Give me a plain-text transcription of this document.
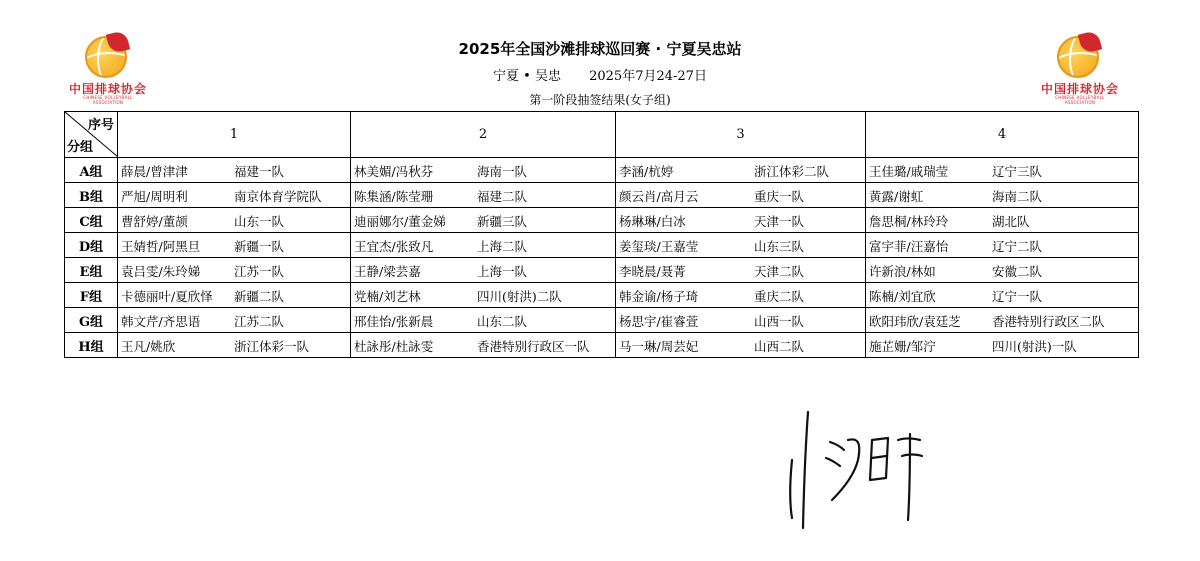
中国排球协会
CHINESE VOLLEYBALL ASSOCIATION
中国排球协会
CHINESE VOLLEYBALL ASSOCIATION
2025年全国沙滩排球巡回赛 · 宁夏吴忠站
宁夏 • 吴忠 2025年7月24-27日
第一阶段抽签结果(女子组)
序号
分组	1	2	3	4
A组	薛晨/曾津津 福建一队	林美媚/冯秋芬 海南一队	李涵/杭婷 浙江体彩二队	王佳璐/戚瑞莹 辽宁三队

B组	严旭/周明利 南京体育学院队	陈集涵/陈莹珊 福建二队	颜云肖/高月云 重庆一队	黄露/谢虹 海南二队

C组	曹舒婷/董颉 山东一队	迪丽娜尔/董金娣 新疆三队	杨琳琳/白冰 天津一队	詹思桐/林玲玲 湖北队

D组	王婧哲/阿黑旦 新疆一队	王宜杰/张致凡 上海二队	姜玺琰/王嘉莹 山东三队	富宇菲/汪嘉怡 辽宁二队

E组	袁吕雯/朱玲娣 江苏一队	王静/梁芸嘉 上海一队	李晓晨/聂菁 天津二队	许新浪/林如 安徽二队

F组	卡德丽叶/夏欣怿 新疆二队	党楠/刘艺林 四川(射洪)二队	韩金谕/杨子琦 重庆二队	陈楠/刘宜欣 辽宁一队

G组	韩文芹/齐思语 江苏二队	邢佳怡/张新晨 山东二队	杨思宇/崔睿萱 山西一队	欧阳玮欣/袁廷芝 香港特别行政区二队

H组	王凡/姚欣 浙江体彩一队	杜詠彤/杜詠雯 香港特别行政区一队	马一琳/周芸妃 山西二队	施芷姗/邹泞 四川(射洪)一队
